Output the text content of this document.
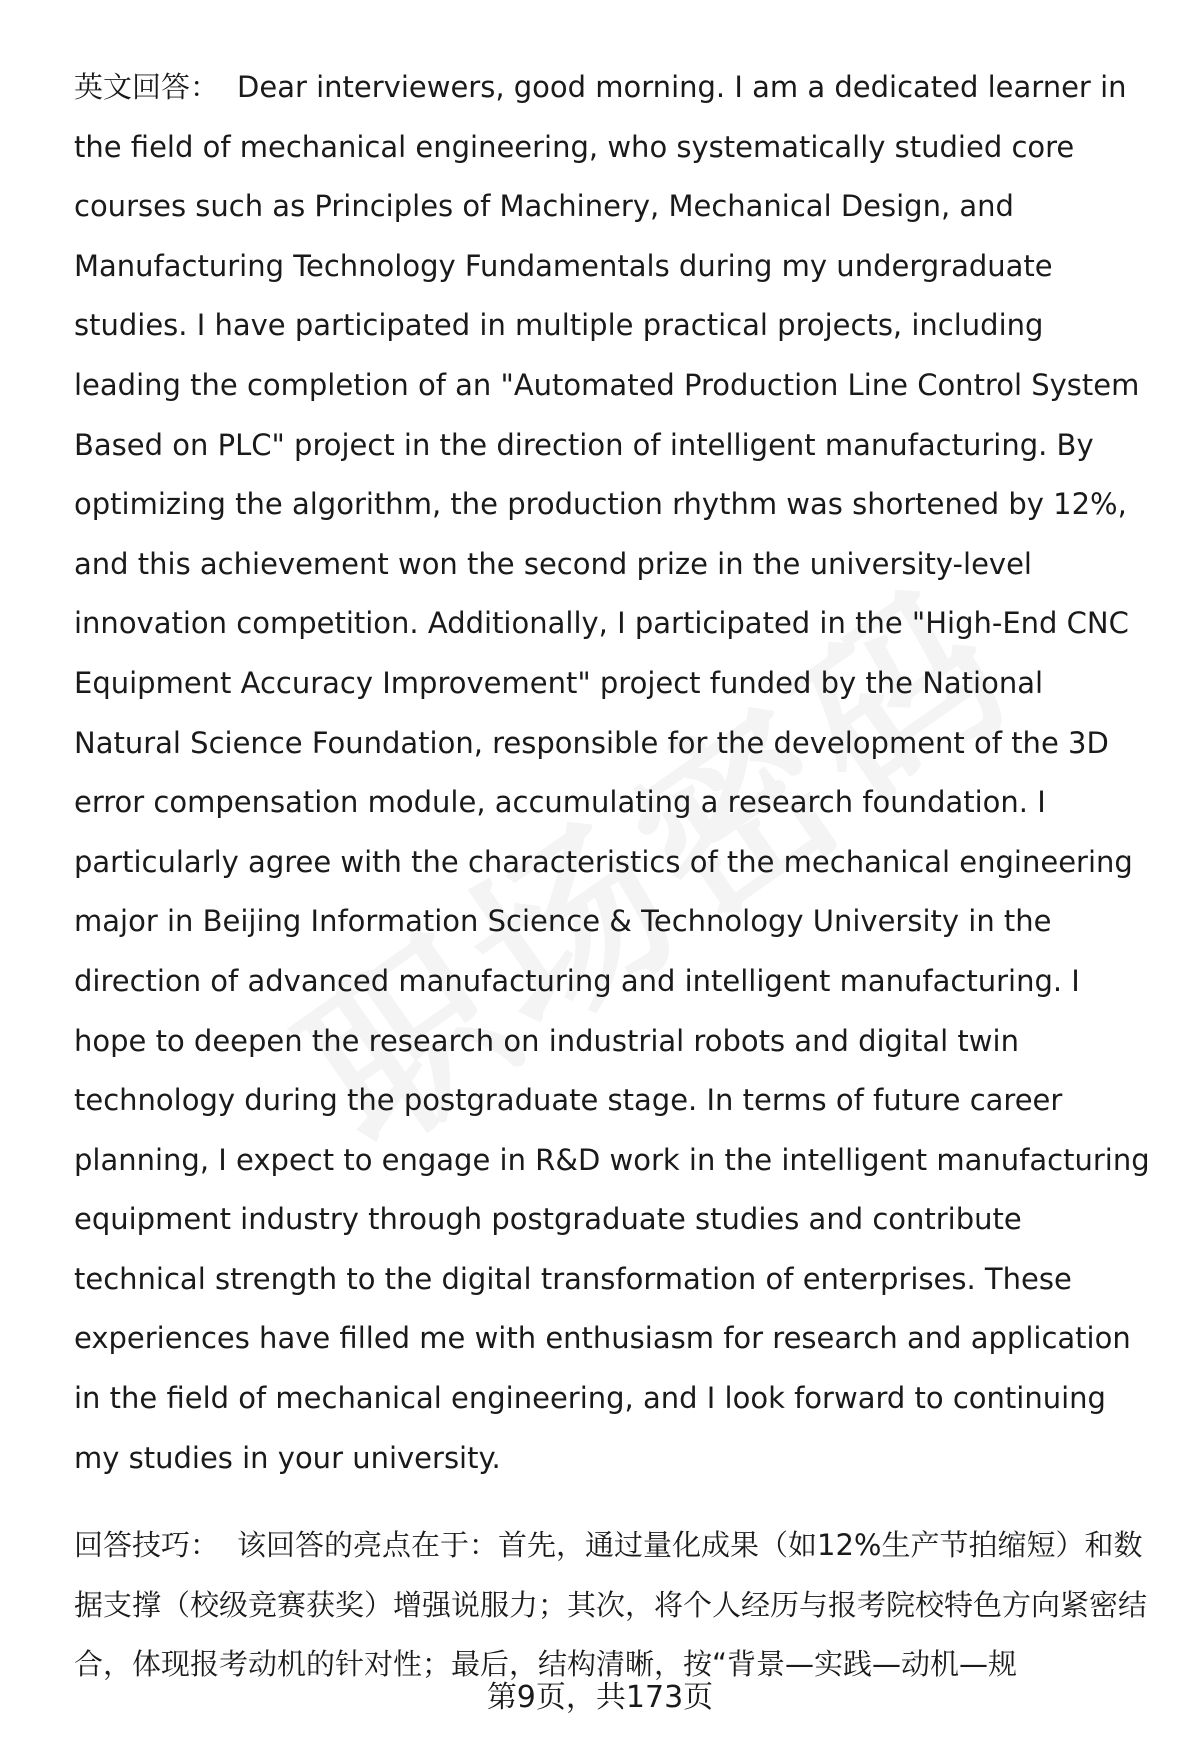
英文回答： Dear interviewers, good morning. I am a dedicated learner in the field of mechanical engineering, who systematically studied core courses such as Principles of Machinery, Mechanical Design, and Manufacturing Technology Fundamentals during my undergraduate studies. I have participated in multiple practical projects, including leading the completion of an "Automated Production Line Control System Based on PLC" project in the direction of intelligent manufacturing. By optimizing the algorithm, the production rhythm was shortened by 12%, and this achievement won the second prize in the university-level innovation competition. Additionally, I participated in the "High-End CNC Equipment Accuracy Improvement" project funded by the National Natural Science Foundation, responsible for the development of the 3D error compensation module, accumulating a research foundation. I particularly agree with the characteristics of the mechanical engineering major in Beijing Information Science & Technology University in the direction of advanced manufacturing and intelligent manufacturing. I hope to deepen the research on industrial robots and digital twin technology during the postgraduate stage. In terms of future career planning, I expect to engage in R&D work in the intelligent manufacturing equipment industry through postgraduate studies and contribute technical strength to the digital transformation of enterprises. These experiences have filled me with enthusiasm for research and application in the field of mechanical engineering, and I look forward to continuing my studies in your university.

回答技巧： 该回答的亮点在于：首先，通过量化成果（如12%生产节拍缩短）和数据支撑（校级竞赛获奖）增强说服力；其次，将个人经历与报考院校特色方向紧密结合，体现报考动机的针对性；最后，结构清晰，按“背景—实践—动机—规

第9页，共173页
